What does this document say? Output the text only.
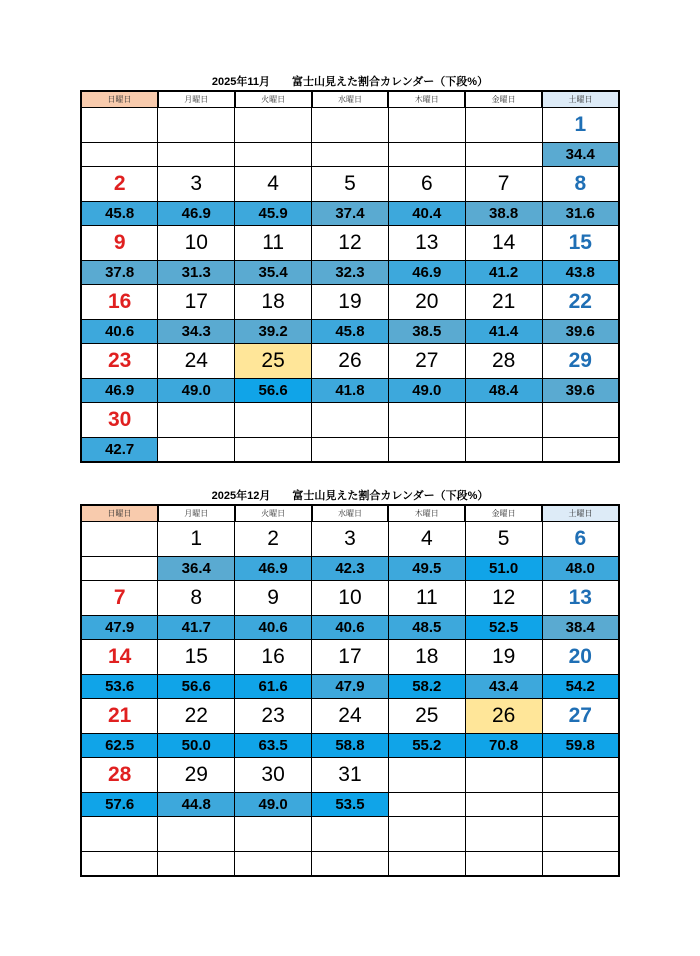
2025年11月　　富士山見えた割合カレンダー（下段%）
日曜日	月曜日	火曜日	水曜日	木曜日	金曜日	土曜日
						1
						34.4
2	3	4	5	6	7	8
45.8	46.9	45.9	37.4	40.4	38.8	31.6
9	10	11	12	13	14	15
37.8	31.3	35.4	32.3	46.9	41.2	43.8
16	17	18	19	20	21	22
40.6	34.3	39.2	45.8	38.5	41.4	39.6
23	24	25	26	27	28	29
46.9	49.0	56.6	41.8	49.0	48.4	39.6
30						
42.7						
2025年12月　　富士山見えた割合カレンダー（下段%）
日曜日	月曜日	火曜日	水曜日	木曜日	金曜日	土曜日
	1	2	3	4	5	6
	36.4	46.9	42.3	49.5	51.0	48.0
7	8	9	10	11	12	13
47.9	41.7	40.6	40.6	48.5	52.5	38.4
14	15	16	17	18	19	20
53.6	56.6	61.6	47.9	58.2	43.4	54.2
21	22	23	24	25	26	27
62.5	50.0	63.5	58.8	55.2	70.8	59.8
28	29	30	31			
57.6	44.8	49.0	53.5			
